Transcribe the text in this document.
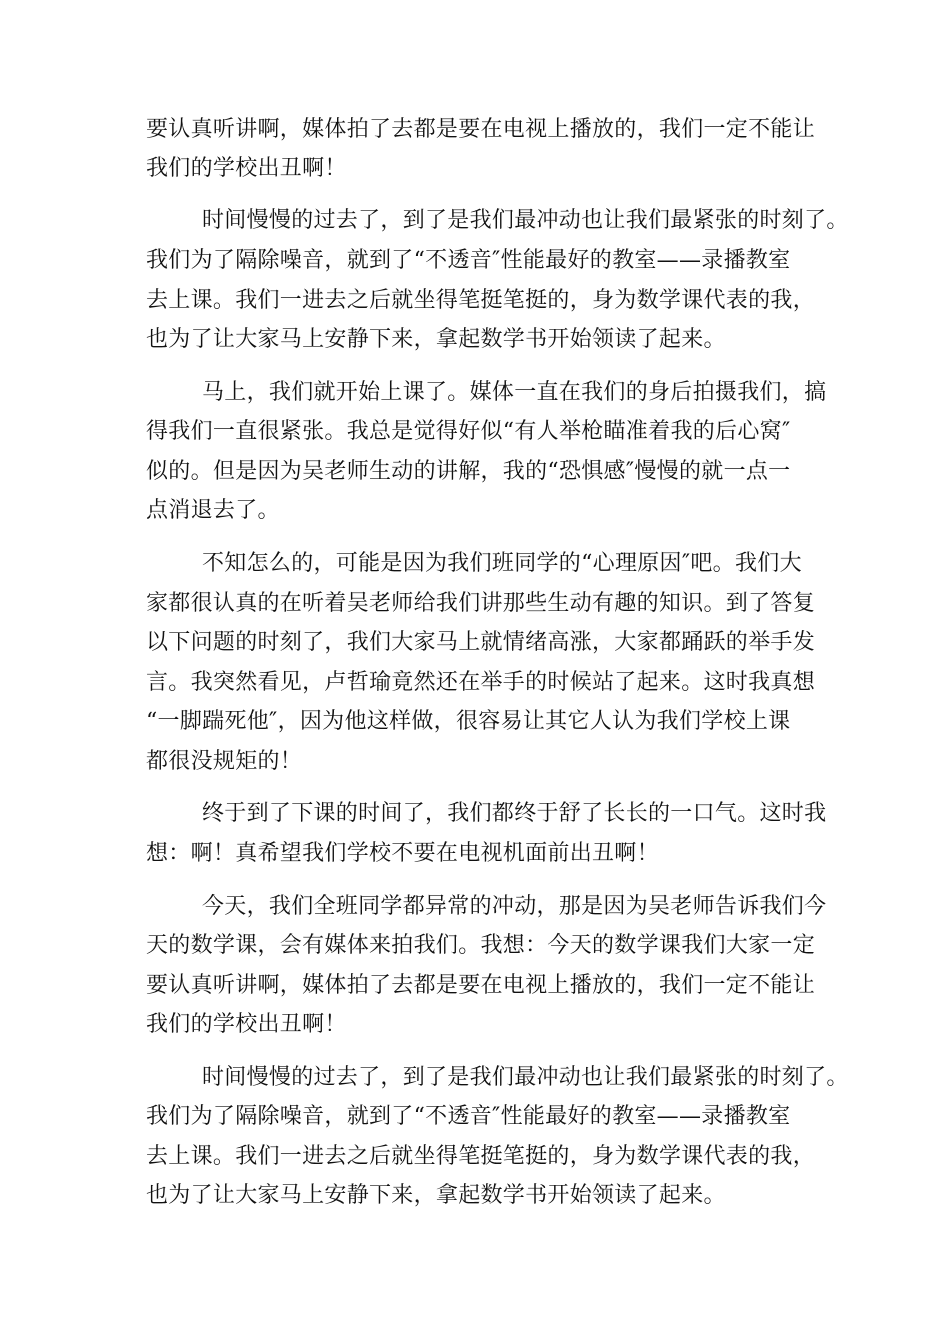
要认真听讲啊，媒体拍了去都是要在电视上播放的，我们一定不能让
我们的学校出丑啊！
时间慢慢的过去了，到了是我们最冲动也让我们最紧张的时刻了。
我们为了隔除噪音，就到了“不透音″性能最好的教室——录播教室
去上课。我们一进去之后就坐得笔挺笔挺的，身为数学课代表的我，
也为了让大家马上安静下来，拿起数学书开始领读了起来。
马上，我们就开始上课了。媒体一直在我们的身后拍摄我们，搞
得我们一直很紧张。我总是觉得好似“有人举枪瞄准着我的后心窝″
似的。但是因为吴老师生动的讲解，我的“恐惧感″慢慢的就一点一
点消退去了。
不知怎么的，可能是因为我们班同学的“心理原因″吧。我们大
家都很认真的在听着吴老师给我们讲那些生动有趣的知识。到了答复
以下问题的时刻了，我们大家马上就情绪高涨，大家都踊跃的举手发
言。我突然看见，卢哲瑜竟然还在举手的时候站了起来。这时我真想
“一脚踹死他″，因为他这样做，很容易让其它人认为我们学校上课
都很没规矩的！
终于到了下课的时间了，我们都终于舒了长长的一口气。这时我
想：啊！真希望我们学校不要在电视机面前出丑啊！
今天，我们全班同学都异常的冲动，那是因为吴老师告诉我们今
天的数学课，会有媒体来拍我们。我想：今天的数学课我们大家一定
要认真听讲啊，媒体拍了去都是要在电视上播放的，我们一定不能让
我们的学校出丑啊！
时间慢慢的过去了，到了是我们最冲动也让我们最紧张的时刻了。
我们为了隔除噪音，就到了“不透音″性能最好的教室——录播教室
去上课。我们一进去之后就坐得笔挺笔挺的，身为数学课代表的我，
也为了让大家马上安静下来，拿起数学书开始领读了起来。
